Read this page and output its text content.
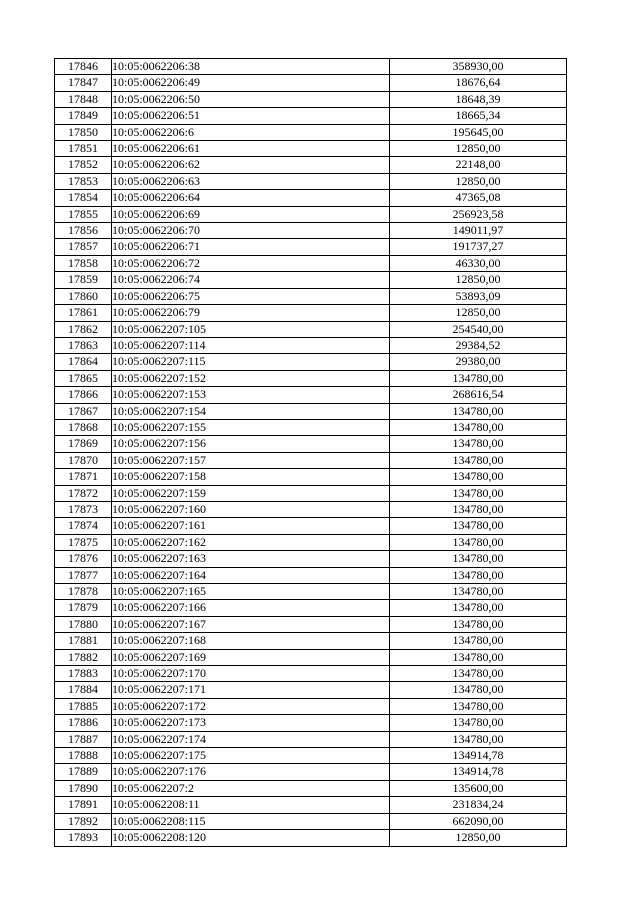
17846	10:05:0062206:38	358930,00
17847	10:05:0062206:49	18676,64
17848	10:05:0062206:50	18648,39
17849	10:05:0062206:51	18665,34
17850	10:05:0062206:6	195645,00
17851	10:05:0062206:61	12850,00
17852	10:05:0062206:62	22148,00
17853	10:05:0062206:63	12850,00
17854	10:05:0062206:64	47365,08
17855	10:05:0062206:69	256923,58
17856	10:05:0062206:70	149011,97
17857	10:05:0062206:71	191737,27
17858	10:05:0062206:72	46330,00
17859	10:05:0062206:74	12850,00
17860	10:05:0062206:75	53893,09
17861	10:05:0062206:79	12850,00
17862	10:05:0062207:105	254540,00
17863	10:05:0062207:114	29384,52
17864	10:05:0062207:115	29380,00
17865	10:05:0062207:152	134780,00
17866	10:05:0062207:153	268616,54
17867	10:05:0062207:154	134780,00
17868	10:05:0062207:155	134780,00
17869	10:05:0062207:156	134780,00
17870	10:05:0062207:157	134780,00
17871	10:05:0062207:158	134780,00
17872	10:05:0062207:159	134780,00
17873	10:05:0062207:160	134780,00
17874	10:05:0062207:161	134780,00
17875	10:05:0062207:162	134780,00
17876	10:05:0062207:163	134780,00
17877	10:05:0062207:164	134780,00
17878	10:05:0062207:165	134780,00
17879	10:05:0062207:166	134780,00
17880	10:05:0062207:167	134780,00
17881	10:05:0062207:168	134780,00
17882	10:05:0062207:169	134780,00
17883	10:05:0062207:170	134780,00
17884	10:05:0062207:171	134780,00
17885	10:05:0062207:172	134780,00
17886	10:05:0062207:173	134780,00
17887	10:05:0062207:174	134780,00
17888	10:05:0062207:175	134914,78
17889	10:05:0062207:176	134914,78
17890	10:05:0062207:2	135600,00
17891	10:05:0062208:11	231834,24
17892	10:05:0062208:115	662090,00
17893	10:05:0062208:120	12850,00
